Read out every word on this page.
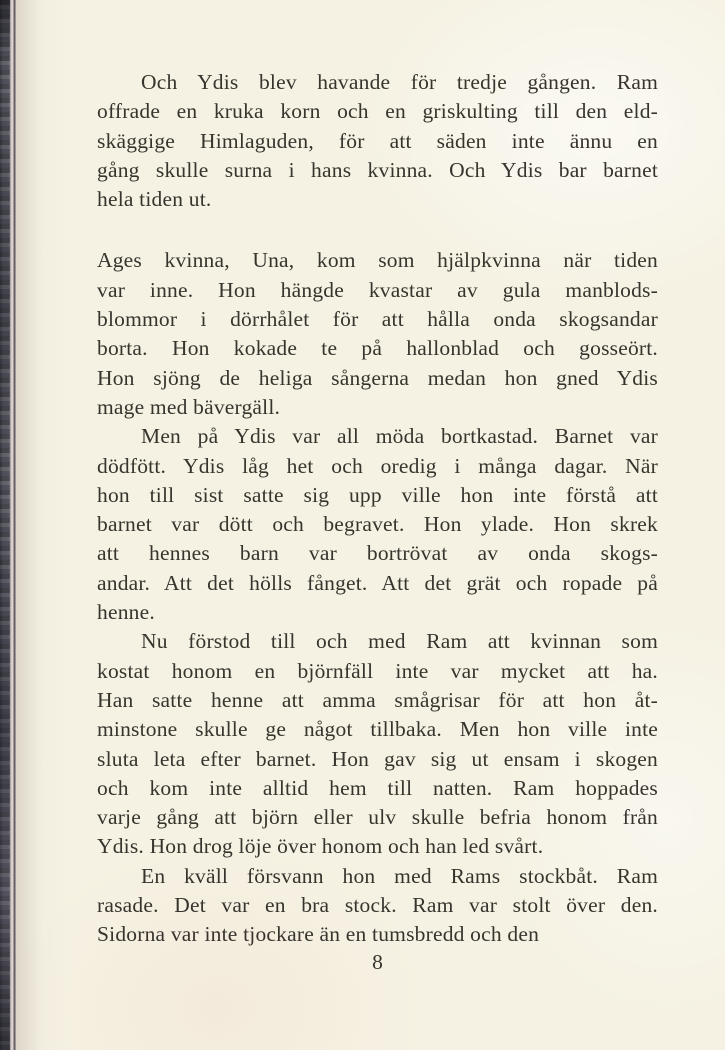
Och Ydis blev havande för tredje gången. Ram
offrade en kruka korn och en griskulting till den eld-
skäggige Himlaguden, för att säden inte ännu en
gång skulle surna i hans kvinna. Och Ydis bar barnet
hela tiden ut.
Ages kvinna, Una, kom som hjälpkvinna när tiden
var inne. Hon hängde kvastar av gula manblods-
blommor i dörrhålet för att hålla onda skogsandar
borta. Hon kokade te på hallonblad och gosseört.
Hon sjöng de heliga sångerna medan hon gned Ydis
mage med bävergäll.
Men på Ydis var all möda bortkastad. Barnet var
dödfött. Ydis låg het och oredig i många dagar. När
hon till sist satte sig upp ville hon inte förstå att
barnet var dött och begravet. Hon ylade. Hon skrek
att hennes barn var bortrövat av onda skogs-
andar. Att det hölls fånget. Att det grät och ropade på
henne.
Nu förstod till och med Ram att kvinnan som
kostat honom en björnfäll inte var mycket att ha.
Han satte henne att amma smågrisar för att hon åt-
minstone skulle ge något tillbaka. Men hon ville inte
sluta leta efter barnet. Hon gav sig ut ensam i skogen
och kom inte alltid hem till natten. Ram hoppades
varje gång att björn eller ulv skulle befria honom från
Ydis. Hon drog löje över honom och han led svårt.
En kväll försvann hon med Rams stockbåt. Ram
rasade. Det var en bra stock. Ram var stolt över den.
Sidorna var inte tjockare än en tumsbredd och den
8
